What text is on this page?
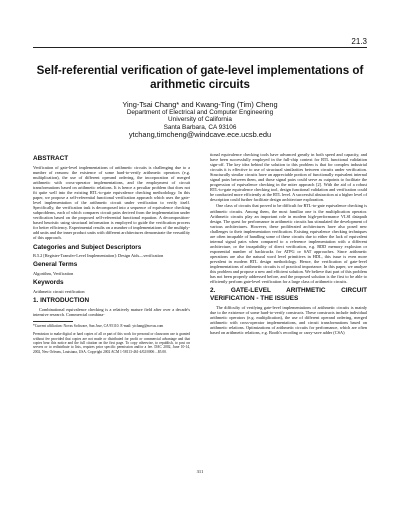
21.3
Self-referential verification of gate-level implementations of arithmetic circuits
Ying-Tsai Chang* and Kwang-Ting (Tim) Cheng
Department of Electrical and Computer Engineering
University of California
Santa Barbara, CA 93106
ytchang,timcheng@windcave.ece.ucsb.edu
ABSTRACT

Verification of gate-level implementations of arithmetic circuits is challenging due to a number of reasons: the existence of some hard-to-verify arithmetic operators (e.g. multiplication), the use of different operand ordering, the incorporation of merged arithmetic with cross-operator implementations, and the employment of circuit transformations based on arithmetic relations. It is hence a peculiar problem that does not fit quite well into the existing RTL-to-gate equivalence checking methodology. In this paper, we propose a self-referential functional verification approach which uses the gate-level implementation of the arithmetic circuit under verification to verify itself. Specifically, the verification task is decomposed into a sequence of equivalence checking subproblems, each of which compares circuit pairs derived from the implementation under verification based on the proposed self-referential functional equation. A decomposition-based heuristic using structural information is employed to guide the verification process for better efficiency. Experimental results on a number of implementations of the multiply-add units and the inner product units with different architectures demonstrate the versatility of this approach.

Categories and Subject Descriptors

B.5.2 [Register-Transfer-Level Implementation]: Design Aids—verification

General Terms

Algorithm, Verification

Keywords

Arithmetic circuit verification

1. INTRODUCTION

Combinational equivalence checking is a relatively mature field after over a decade's intensive research. Commercial combina-

*Current affiliation: Novas Software, San Jose, CA 95110. E-mail: ytchang@novas.com

Permission to make digital or hard copies of all or part of this work for personal or classroom use is granted without fee provided that copies are not made or distributed for profit or commercial advantage and that copies bear this notice and the full citation on the first page. To copy otherwise, to republish, to post on servers or to redistribute to lists, requires prior specific permission and/or a fee. DAC 2002, June 10-14, 2002, New Orleans, Louisiana, USA. Copyright 2002 ACM 1-58113-461-4/02/0006 ...$5.00.

tional equivalence checking tools have advanced greatly in both speed and capacity, and have been successfully employed in the full-chip context for RTL functional validation sign-off. The key idea behind the solution to this problem is that for complex industrial circuits it is effective to use of structural similarities between circuits under verification. Structurally similar circuits have an appreciable portion of functionally equivalent internal signal pairs between them, and those signal pairs could serve as cutpoints to facilitate the progression of equivalence checking in the miter approach [2]. With the aid of a robust RTL-to-gate equivalence checking tool, design functional validation and verification could be conducted more efficiently at the RTL level. A successful abstraction at a higher level of description could further facilitate design architecture exploration.

One class of circuits that proved to be difficult for RTL-to-gate equivalence checking is arithmetic circuits. Among them, the most familiar one is the multiplication operator. Arithmetic circuits play an important role in modern high-performance VLSI datapath design. The quest for performance in arithmetic circuits has stimulated the development of various architectures. However, these proliferated architectures have also posed new challenges to their implementation verification. Existing equivalence checking techniques are often incapable of handling some of these circuits due to either the lack of equivalent internal signal pairs when compared to a reference implementation with a different architecture, or the incapability of direct verification, e.g. BDD memory explosion or exponential number of backtracks for ATPG or SAT approaches. Since arithmetic operations are also the natural word level primitives in HDL, this issue is even more prevalent in modern RTL design methodology. Hence, the verification of gate-level implementations of arithmetic circuits is of practical importance. In this paper, we analyze this problem and propose a new and efficient solution. We believe that part of this problem has not been properly addressed before, and the proposed solution is the first to be able to efficiently perform gate-level verification for a large class of arithmetic circuits.

2. GATE-LEVEL ARITHMETIC CIRCUIT VERIFICATION - THE ISSUES

The difficulty of verifying gate-level implementations of arithmetic circuits is mainly due to the existence of some hard-to-verify constructs. These constructs include individual arithmetic operators (e.g. multiplication), the use of different operand ordering, merged arithmetic with cross-operator implementations, and circuit transformations based on arithmetic relations. Optimizations of arithmetic circuits for performance, which are often based on arithmetic relations, e.g. Booth's recoding or carry-save adder (CSA)

311
